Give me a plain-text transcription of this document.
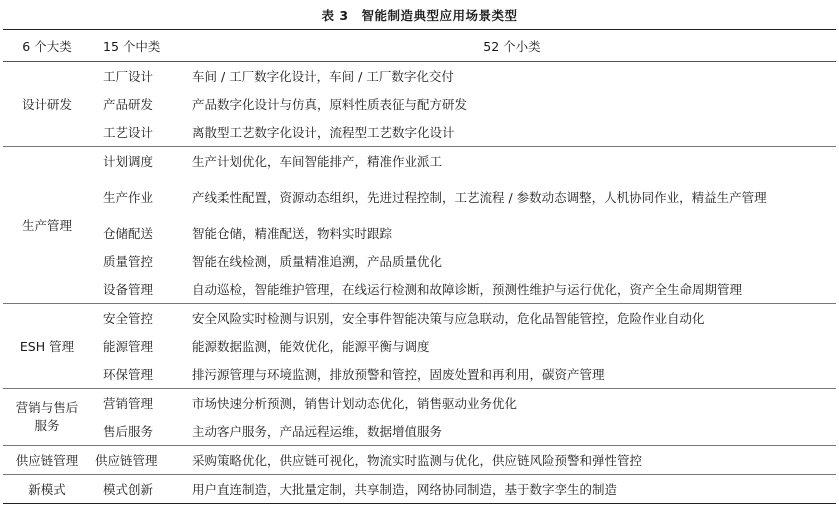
表 3　智能制造典型应用场景类型
6 个大类	15 个中类	52 个小类
设计研发	工厂设计	车间 / 工厂数字化设计，车间 / 工厂数字化交付
	产品研发	产品数字化设计与仿真，原料性质表征与配方研发
	工艺设计	离散型工艺数字化设计，流程型工艺数字化设计
生产管理	计划调度	生产计划优化，车间智能排产，精准作业派工
	生产作业	产线柔性配置，资源动态组织，先进过程控制，工艺流程 / 参数动态调整，人机协同作业，精益生产管理
	仓储配送	智能仓储，精准配送，物料实时跟踪
	质量管控	智能在线检测，质量精准追溯，产品质量优化
	设备管理	自动巡检，智能维护管理，在线运行检测和故障诊断，预测性维护与运行优化，资产全生命周期管理
ESH 管理	安全管控	安全风险实时检测与识别，安全事件智能决策与应急联动，危化品智能管控，危险作业自动化
	能源管理	能源数据监测，能效优化，能源平衡与调度
	环保管理	排污源管理与环境监测，排放预警和管控，固废处置和再利用，碳资产管理
营销与售后服务	营销管理	市场快速分析预测，销售计划动态优化，销售驱动业务优化
	售后服务	主动客户服务，产品远程运维，数据增值服务
供应链管理	供应链管理	采购策略优化，供应链可视化，物流实时监测与优化，供应链风险预警和弹性管控
新模式	模式创新	用户直连制造，大批量定制，共享制造，网络协同制造，基于数字孪生的制造
